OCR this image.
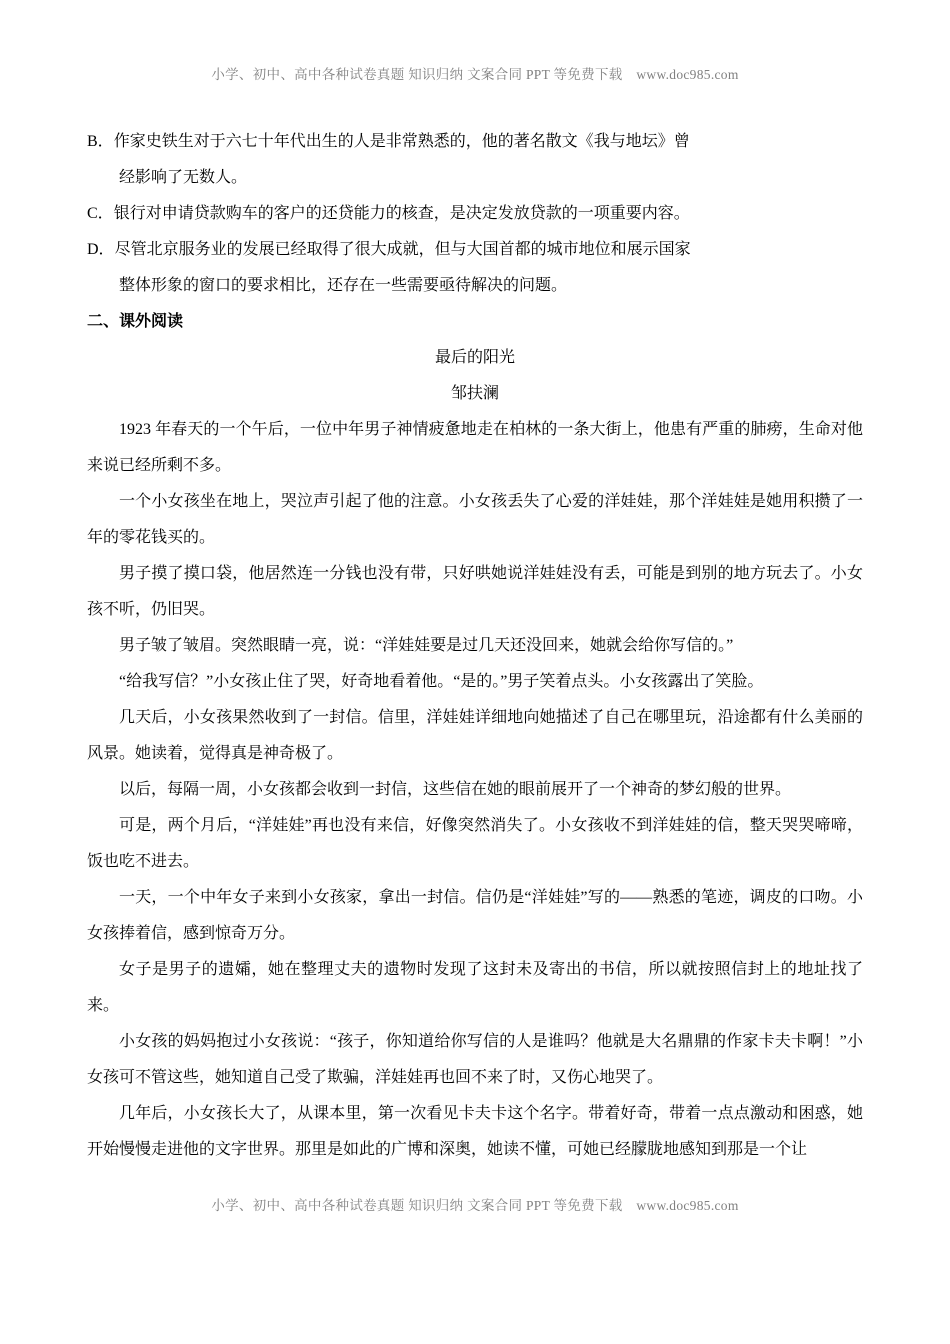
小学、初中、高中各种试卷真题 知识归纳 文案合同 PPT 等免费下载　www.doc985.com
B．作家史铁生对于六七十年代出生的人是非常熟悉的，他的著名散文《我与地坛》曾
经影响了无数人。
C．银行对申请贷款购车的客户的还贷能力的核查，是决定发放贷款的一项重要内容。
D．尽管北京服务业的发展已经取得了很大成就，但与大国首都的城市地位和展示国家
整体形象的窗口的要求相比，还存在一些需要亟待解决的问题。
二、课外阅读
最后的阳光
邹扶澜
1923 年春天的一个午后，一位中年男子神情疲惫地走在柏林的一条大街上，他患有严重的肺痨，生命对他来说已经所剩不多。
一个小女孩坐在地上，哭泣声引起了他的注意。小女孩丢失了心爱的洋娃娃，那个洋娃娃是她用积攒了一年的零花钱买的。
男子摸了摸口袋，他居然连一分钱也没有带，只好哄她说洋娃娃没有丢，可能是到别的地方玩去了。小女孩不听，仍旧哭。
男子皱了皱眉。突然眼睛一亮，说：“洋娃娃要是过几天还没回来，她就会给你写信的。”
“给我写信？”小女孩止住了哭，好奇地看着他。“是的。”男子笑着点头。小女孩露出了笑脸。
几天后，小女孩果然收到了一封信。信里，洋娃娃详细地向她描述了自己在哪里玩，沿途都有什么美丽的风景。她读着，觉得真是神奇极了。
以后，每隔一周，小女孩都会收到一封信，这些信在她的眼前展开了一个神奇的梦幻般的世界。
可是，两个月后，“洋娃娃”再也没有来信，好像突然消失了。小女孩收不到洋娃娃的信，整天哭哭啼啼，饭也吃不进去。
一天，一个中年女子来到小女孩家，拿出一封信。信仍是“洋娃娃”写的——熟悉的笔迹，调皮的口吻。小女孩捧着信，感到惊奇万分。
女子是男子的遗孀，她在整理丈夫的遗物时发现了这封未及寄出的书信，所以就按照信封上的地址找了来。
小女孩的妈妈抱过小女孩说：“孩子，你知道给你写信的人是谁吗？他就是大名鼎鼎的作家卡夫卡啊！”小女孩可不管这些，她知道自己受了欺骗，洋娃娃再也回不来了时，又伤心地哭了。
几年后，小女孩长大了，从课本里，第一次看见卡夫卡这个名字。带着好奇，带着一点点激动和困惑，她开始慢慢走进他的文字世界。那里是如此的广博和深奥，她读不懂，可她已经朦胧地感知到那是一个让
小学、初中、高中各种试卷真题 知识归纳 文案合同 PPT 等免费下载　www.doc985.com
